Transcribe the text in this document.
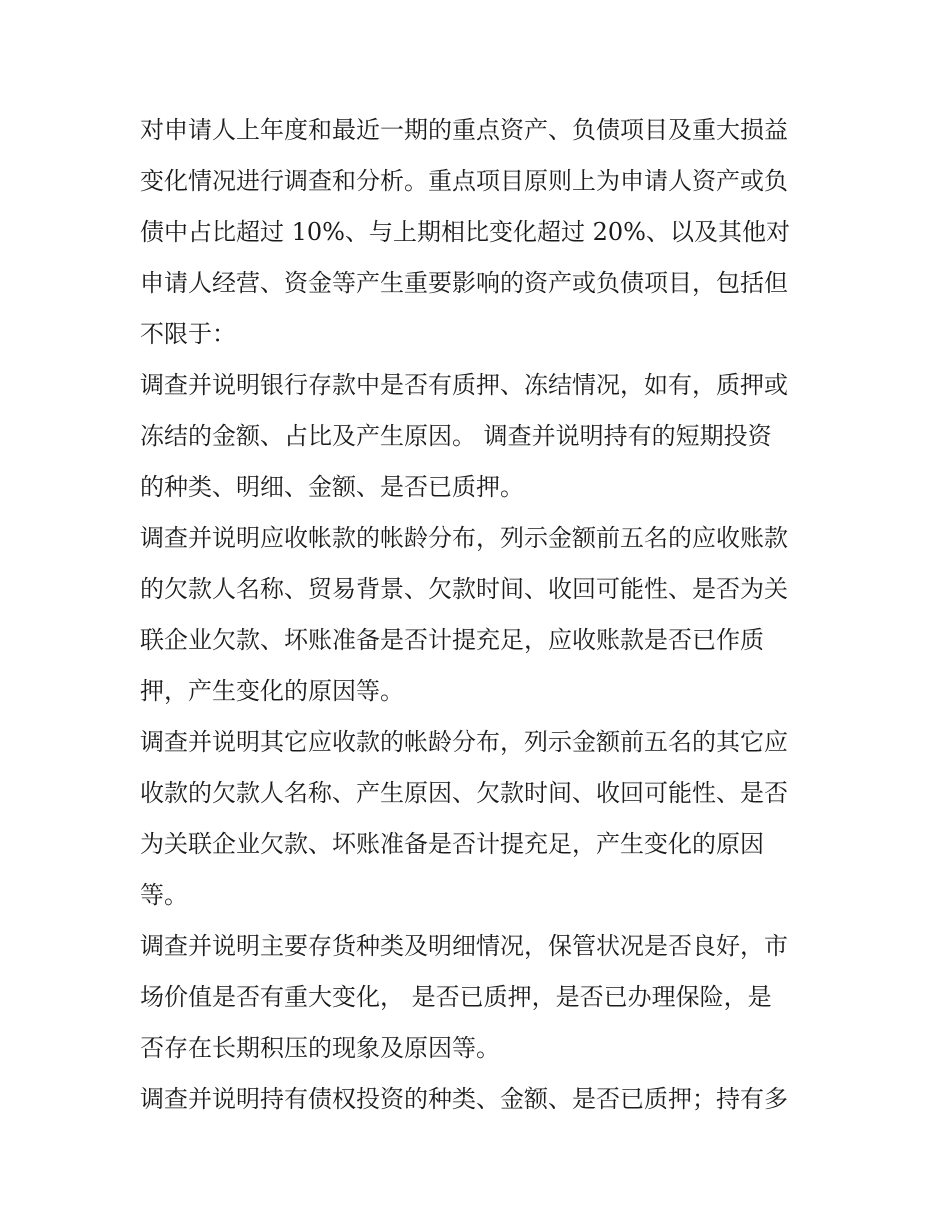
对申请人上年度和最近一期的重点资产、负债项目及重大损益
变化情况进行调查和分析。重点项目原则上为申请人资产或负
债中占比超过 10%、与上期相比变化超过 20%、以及其他对
申请人经营、资金等产生重要影响的资产或负债项目，包括但
不限于：
调查并说明银行存款中是否有质押、冻结情况，如有，质押或
冻结的金额、占比及产生原因。 调查并说明持有的短期投资
的种类、明细、金额、是否已质押。
调查并说明应收帐款的帐龄分布，列示金额前五名的应收账款
的欠款人名称、贸易背景、欠款时间、收回可能性、是否为关
联企业欠款、坏账准备是否计提充足，应收账款是否已作质
押，产生变化的原因等。
调查并说明其它应收款的帐龄分布，列示金额前五名的其它应
收款的欠款人名称、产生原因、欠款时间、收回可能性、是否
为关联企业欠款、坏账准备是否计提充足，产生变化的原因
等。
调查并说明主要存货种类及明细情况，保管状况是否良好，市
场价值是否有重大变化， 是否已质押，是否已办理保险，是
否存在长期积压的现象及原因等。
调查并说明持有债权投资的种类、金额、是否已质押；持有多
